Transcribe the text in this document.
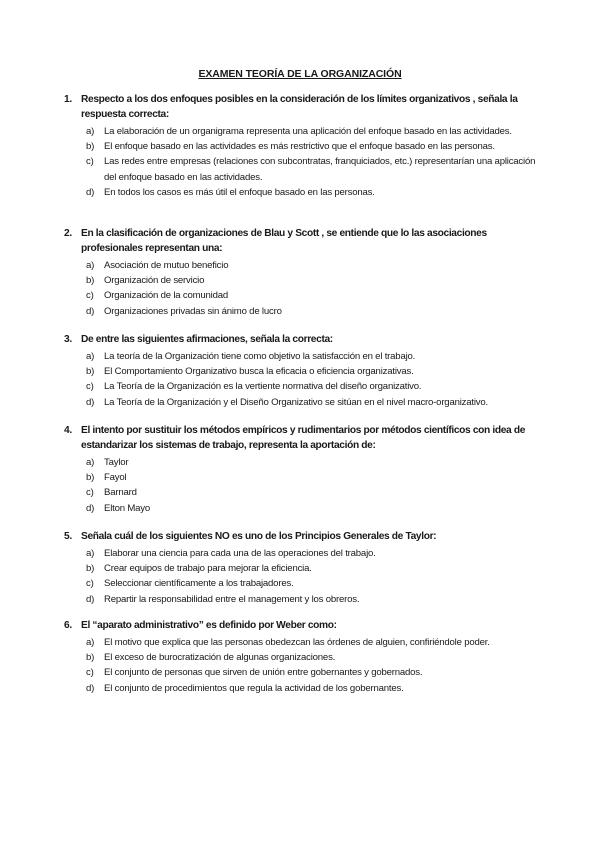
EXAMEN TEORÍA DE LA ORGANIZACIÓN
1. Respecto a los dos enfoques posibles en la consideración de los límites organizativos , señala la respuesta correcta:
a) La elaboración de un organigrama representa una aplicación del enfoque basado en las actividades.
b) El enfoque basado en las actividades es más restrictivo que el enfoque basado en las personas.
c) Las redes entre empresas (relaciones con subcontratas, franquiciados, etc.) representarían una aplicación del enfoque basado en las actividades.
d) En todos los casos es más útil el enfoque basado en las personas.
2. En la clasificación de organizaciones de Blau y Scott , se entiende que lo las asociaciones profesionales representan una:
a) Asociación de mutuo beneficio
b) Organización de servicio
c) Organización de la comunidad
d) Organizaciones privadas sin ánimo de lucro
3. De entre las siguientes afirmaciones, señala la correcta:
a) La teoría de la Organización tiene como objetivo la satisfacción en el trabajo.
b) El Comportamiento Organizativo busca la eficacia o eficiencia organizativas.
c) La Teoría de la Organización es la vertiente normativa del diseño organizativo.
d) La Teoría de la Organización y el Diseño Organizativo se sitúan en el nivel macro-organizativo.
4. El intento por sustituir los métodos empíricos y rudimentarios por métodos científicos con idea de estandarizar los sistemas de trabajo, representa la aportación de:
a) Taylor
b) Fayol
c) Barnard
d) Elton Mayo
5. Señala cuál de los siguientes NO es uno de los Principios Generales de Taylor:
a) Elaborar una ciencia para cada una de las operaciones del trabajo.
b) Crear equipos de trabajo para mejorar la eficiencia.
c) Seleccionar científicamente a los trabajadores.
d) Repartir la responsabilidad entre el management y los obreros.
6. El “aparato administrativo” es definido por Weber como:
a) El motivo que explica que las personas obedezcan las órdenes de alguien, confiriéndole poder.
b) El exceso de burocratización de algunas organizaciones.
c) El conjunto de personas que sirven de unión entre gobernantes y gobernados.
d) El conjunto de procedimientos que regula la actividad de los gobernantes.
